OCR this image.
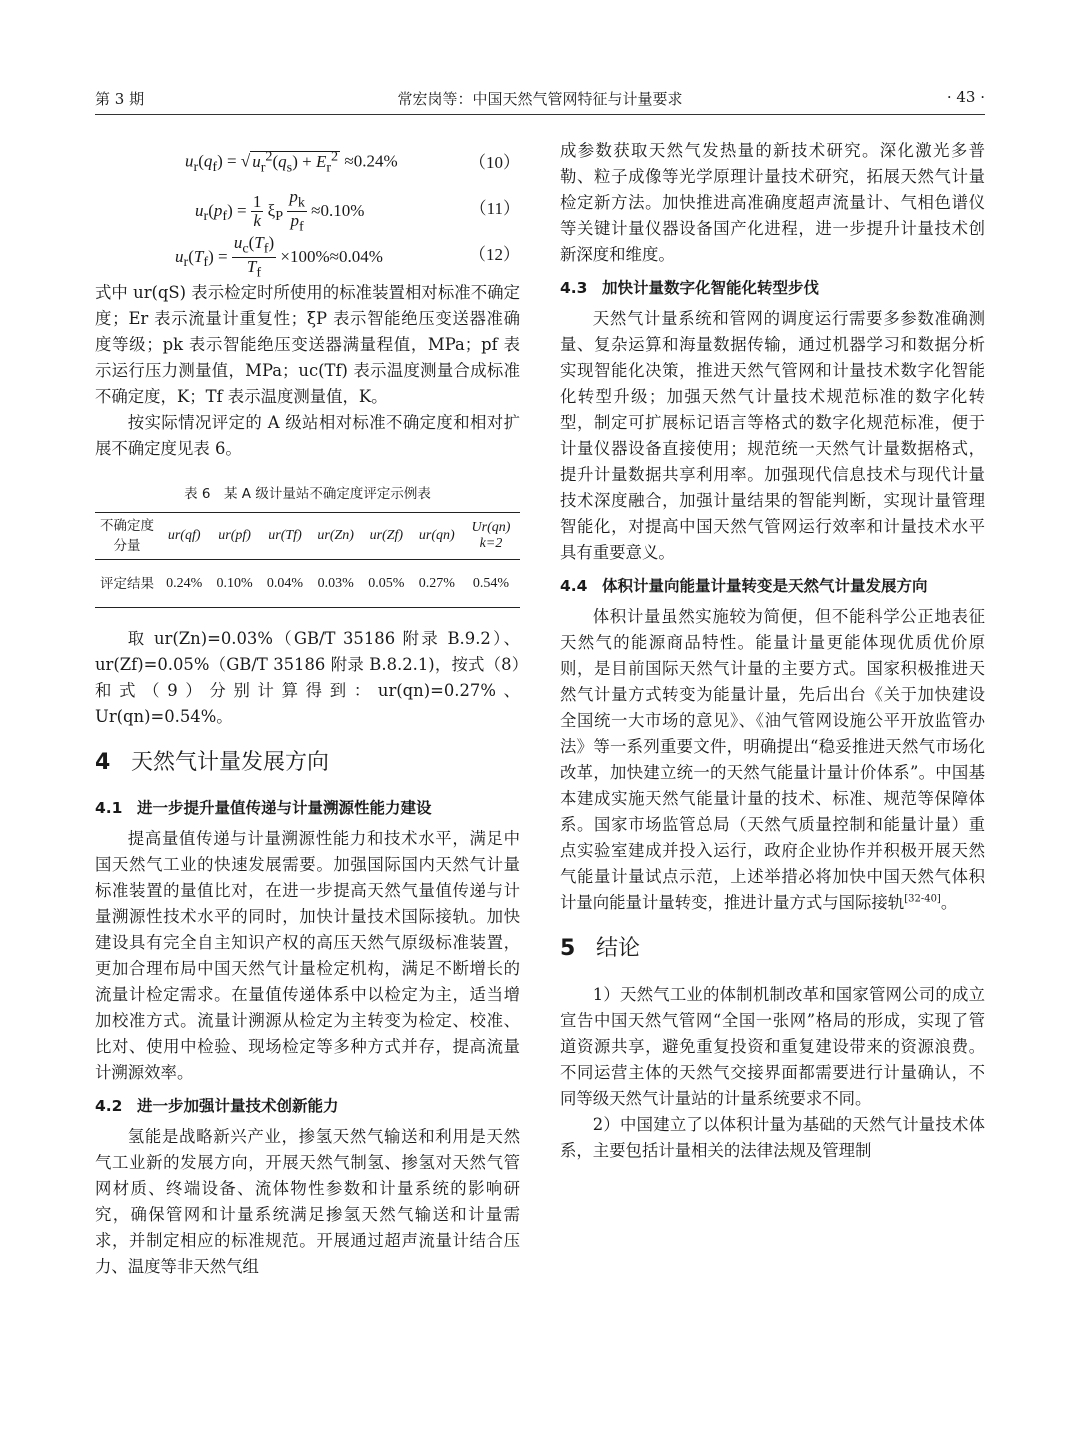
第 3 期	常宏岗等：中国天然气管网特征与计量要求	· 43 ·
$u_r(q_f)$ = √ $u_r^2(q_s) + E_r^2 \approx 0.24\%$	（10）
$u_r(p_f) = \frac{1}{k} \xi_P \frac{p_k}{p_f} \approx 0.10\%$	（11）
$u_r(T_f) = \frac{u_c(T_f)}{T_f} \times 100\%\approx 0.04\%$	（12）

式中 ur(qS) 表示检定时所使用的标准装置相对标准不确定度；Er 表示流量计重复性；ξP 表示智能绝压变送器准确度等级；pk 表示智能绝压变送器满量程值，MPa；pf 表示运行压力测量值，MPa；uc(Tf) 表示温度测量合成标准不确定度，K；Tf 表示温度测量值，K。

按实际情况评定的 A 级站相对标准不确定度和相对扩展不确定度见表 6。

表 6　某 A 级计量站不确定度评定示例表
不确定度分量	ur(qf)	ur(pf)	ur(Tf)	ur(Zn)	ur(Zf)	ur(qn)	Ur(qn) k=2
评定结果	0.24%	0.10%	0.04%	0.03%	0.05%	0.27%	0.54%

取 ur(Zn)=0.03%（GB/T 35186 附录 B.9.2）、ur(Zf)=0.05%（GB/T 35186 附录 B.8.2.1)，按式（8）和式（9）分别计算得到：ur(qn)=0.27%、Ur(qn)=0.54%。

4 天然气计量发展方向
4.1 进一步提升量值传递与计量溯源性能力建设

提高量值传递与计量溯源性能力和技术水平，满足中国天然气工业的快速发展需要。加强国际国内天然气计量标准装置的量值比对，在进一步提高天然气量值传递与计量溯源性技术水平的同时，加快计量技术国际接轨。加快建设具有完全自主知识产权的高压天然气原级标准装置，更加合理布局中国天然气计量检定机构，满足不断增长的流量计检定需求。在量值传递体系中以检定为主，适当增加校准方式。流量计溯源从检定为主转变为检定、校准、比对、使用中检验、现场检定等多种方式并存，提高流量计溯源效率。

4.2 进一步加强计量技术创新能力

氢能是战略新兴产业，掺氢天然气输送和利用是天然气工业新的发展方向，开展天然气制氢、掺氢对天然气管网材质、终端设备、流体物性参数和计量系统的影响研究，确保管网和计量系统满足掺氢天然气输送和计量需求，并制定相应的标准规范。开展通过超声流量计结合压力、温度等非天然气组

成参数获取天然气发热量的新技术研究。深化激光多普勒、粒子成像等光学原理计量技术研究，拓展天然气计量检定新方法。加快推进高准确度超声流量计、气相色谱仪等关键计量仪器设备国产化进程，进一步提升计量技术创新深度和维度。

4.3 加快计量数字化智能化转型步伐

天然气计量系统和管网的调度运行需要多参数准确测量、复杂运算和海量数据传输，通过机器学习和数据分析实现智能化决策，推进天然气管网和计量技术数字化智能化转型升级；加强天然气计量技术规范标准的数字化转型，制定可扩展标记语言等格式的数字化规范标准，便于计量仪器设备直接使用；规范统一天然气计量数据格式，提升计量数据共享利用率。加强现代信息技术与现代计量技术深度融合，加强计量结果的智能判断，实现计量管理智能化，对提高中国天然气管网运行效率和计量技术水平具有重要意义。

4.4 体积计量向能量计量转变是天然气计量发展方向

体积计量虽然实施较为简便，但不能科学公正地表征天然气的能源商品特性。能量计量更能体现优质优价原则，是目前国际天然气计量的主要方式。国家积极推进天然气计量方式转变为能量计量，先后出台《关于加快建设全国统一大市场的意见》、《油气管网设施公平开放监管办法》等一系列重要文件，明确提出“稳妥推进天然气市场化改革，加快建立统一的天然气能量计量计价体系”。中国基本建成实施天然气能量计量的技术、标准、规范等保障体系。国家市场监管总局（天然气质量控制和能量计量）重点实验室建成并投入运行，政府企业协作并积极开展天然气能量计量试点示范，上述举措必将加快中国天然气体积计量向能量计量转变，推进计量方式与国际接轨[32-40]。

5 结论

1）天然气工业的体制机制改革和国家管网公司的成立宣告中国天然气管网“全国一张网”格局的形成，实现了管道资源共享，避免重复投资和重复建设带来的资源浪费。不同运营主体的天然气交接界面都需要进行计量确认，不同等级天然气计量站的计量系统要求不同。

2）中国建立了以体积计量为基础的天然气计量技术体系，主要包括计量相关的法律法规及管理制
